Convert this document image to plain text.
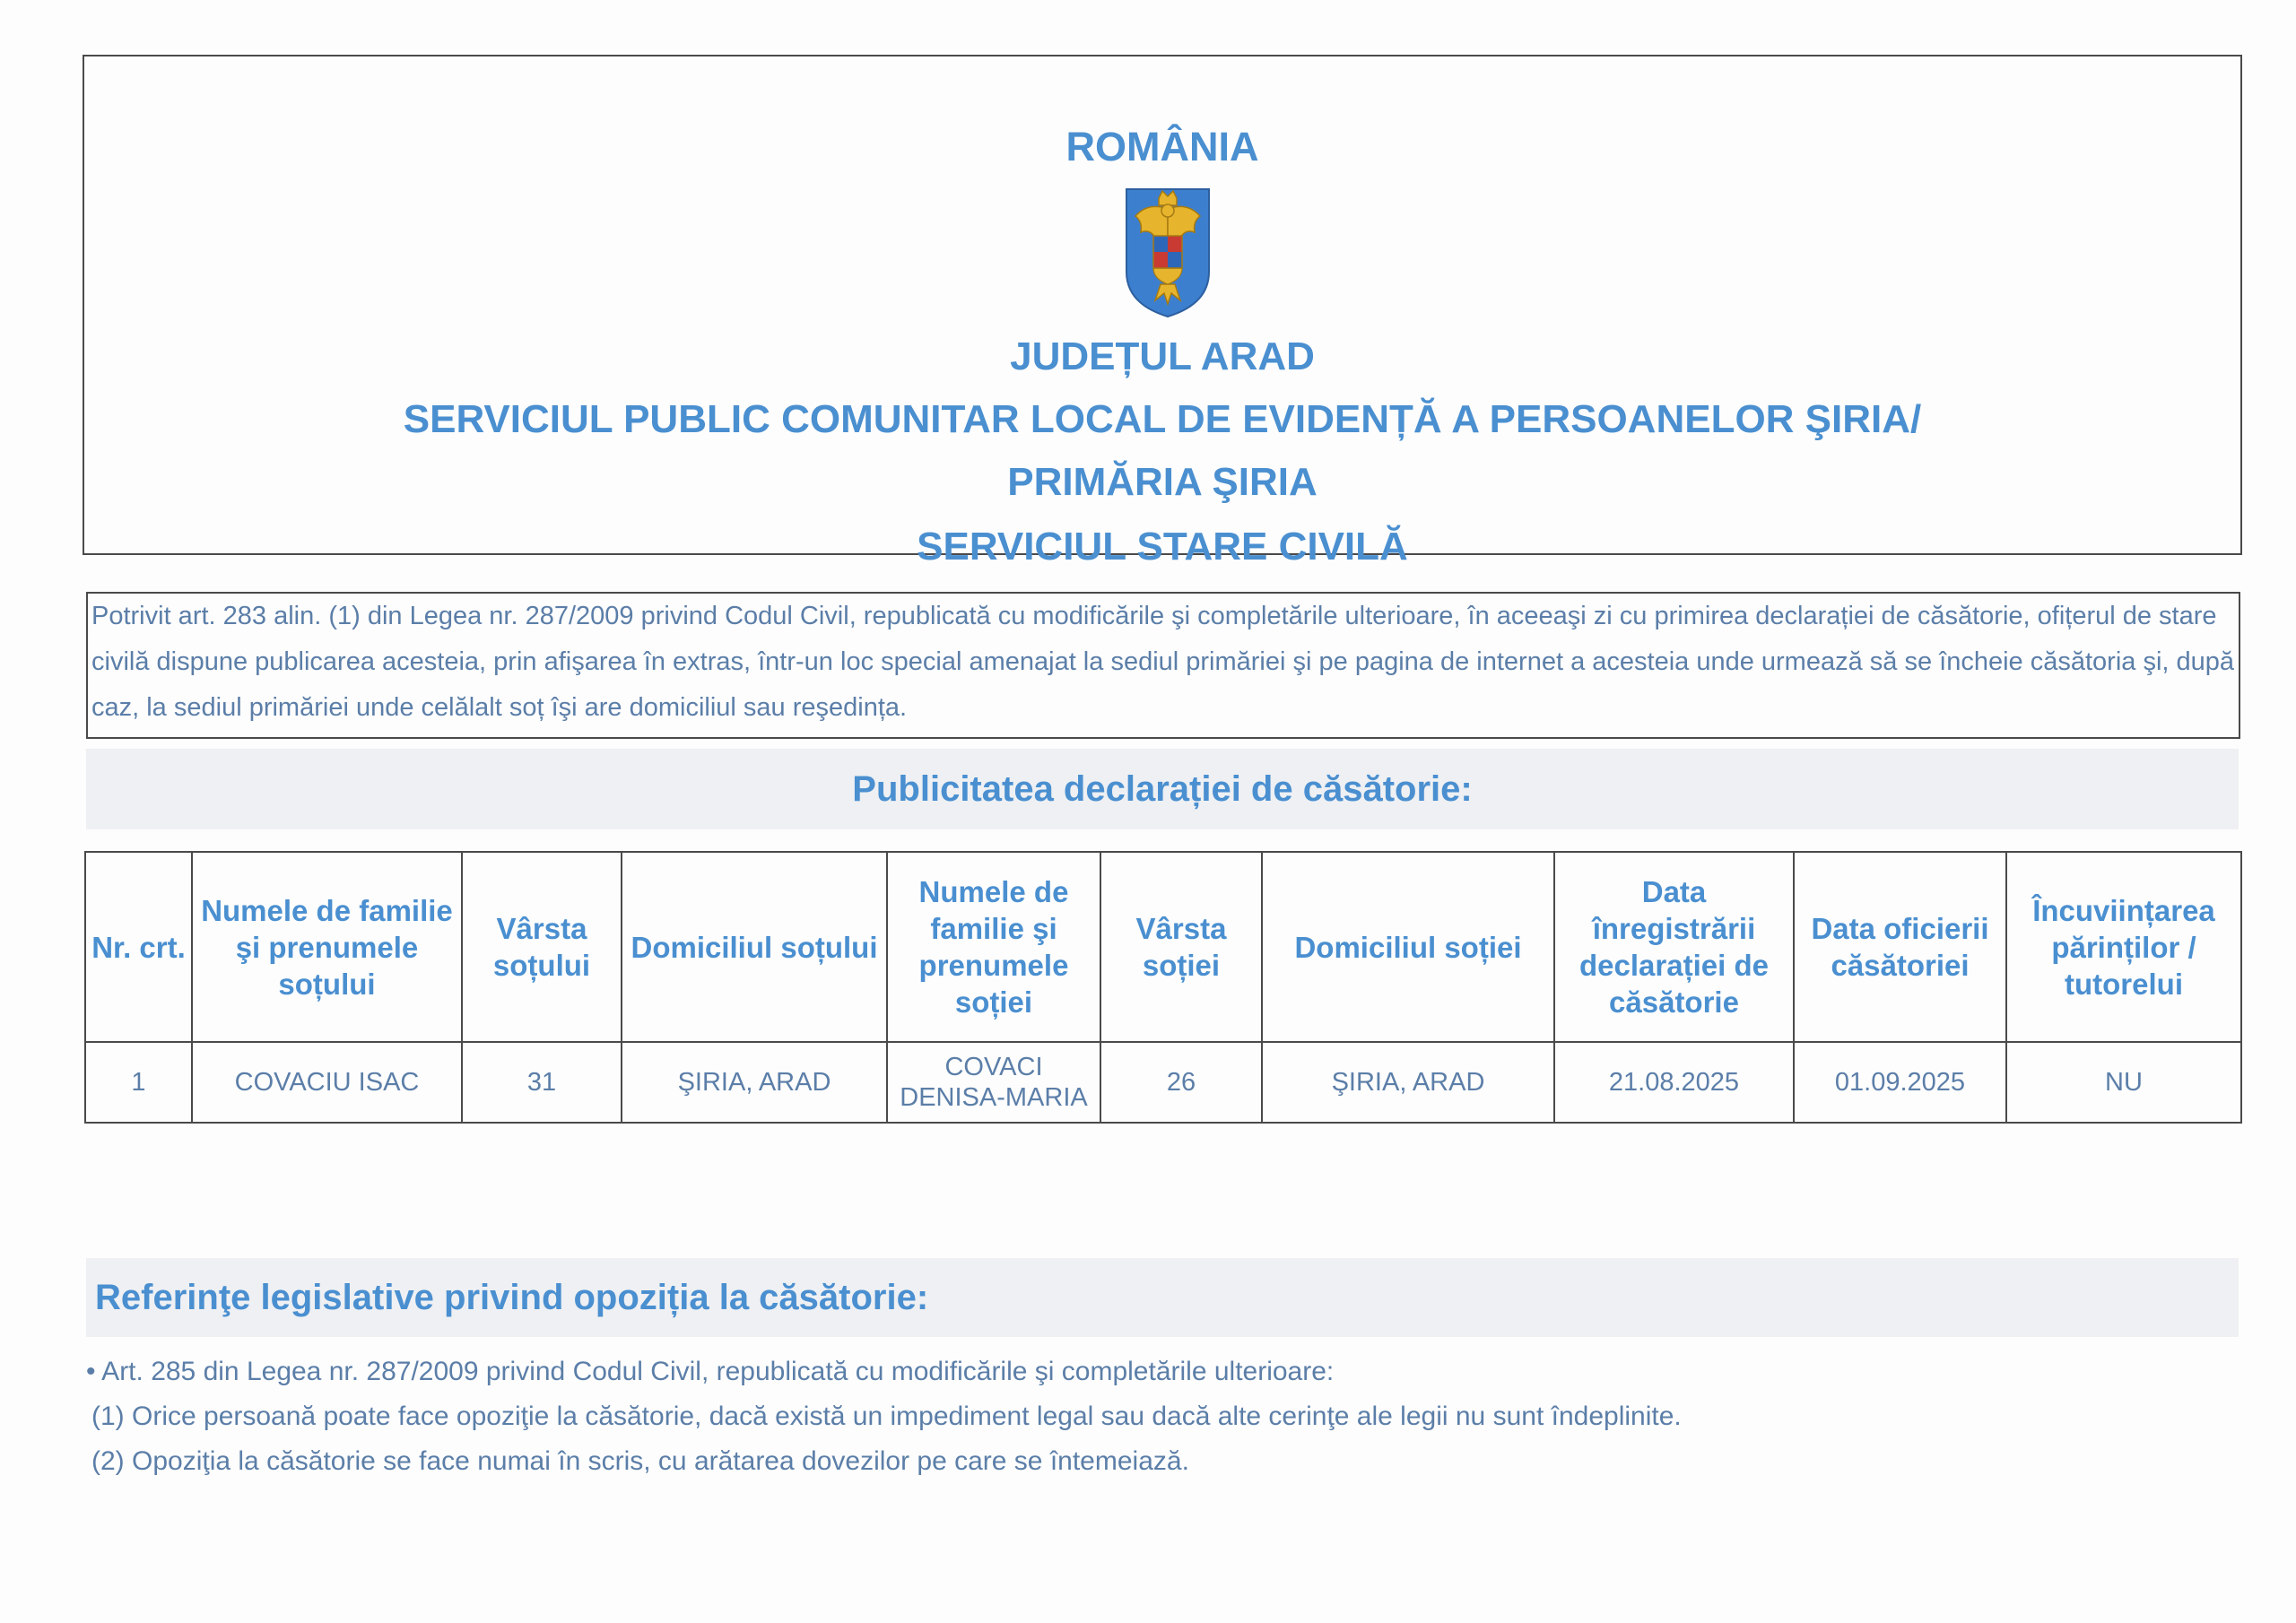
ROMÂNIA
JUDEȚUL ARAD
SERVICIUL PUBLIC COMUNITAR LOCAL DE EVIDENȚĂ A PERSOANELOR ŞIRIA/
PRIMĂRIA ŞIRIA
SERVICIUL STARE CIVILĂ
Potrivit art. 283 alin. (1) din Legea nr. 287/2009 privind Codul Civil, republicată cu modificările şi completările ulterioare, în aceeaşi zi cu primirea declarației de căsătorie, ofițerul de stare civilă dispune publicarea acesteia, prin afişarea în extras, într-un loc special amenajat la sediul primăriei şi pe pagina de internet a acesteia unde urmează să se încheie căsătoria şi, după caz, la sediul primăriei unde celălalt soț îşi are domiciliul sau reşedința.
Publicitatea declarației de căsătorie:
Nr. crt.	Numele de familie şi prenumele soțului	Vârsta soțului	Domiciliul soțului	Numele de familie şi prenumele soției	Vârsta soției	Domiciliul soției	Data înregistrării declarației de căsătorie	Data oficierii căsătoriei	Încuviințarea părinților / tutorelui
1	COVACIU ISAC	31	ŞIRIA, ARAD	COVACI DENISA-MARIA	26	ŞIRIA, ARAD	21.08.2025	01.09.2025	NU
Referinţe legislative privind opoziția la căsătorie:
• Art. 285 din Legea nr. 287/2009 privind Codul Civil, republicată cu modificările şi completările ulterioare:
(1) Orice persoană poate face opoziţie la căsătorie, dacă există un impediment legal sau dacă alte cerinţe ale legii nu sunt îndeplinite.
(2) Opoziţia la căsătorie se face numai în scris, cu arătarea dovezilor pe care se întemeiază.
